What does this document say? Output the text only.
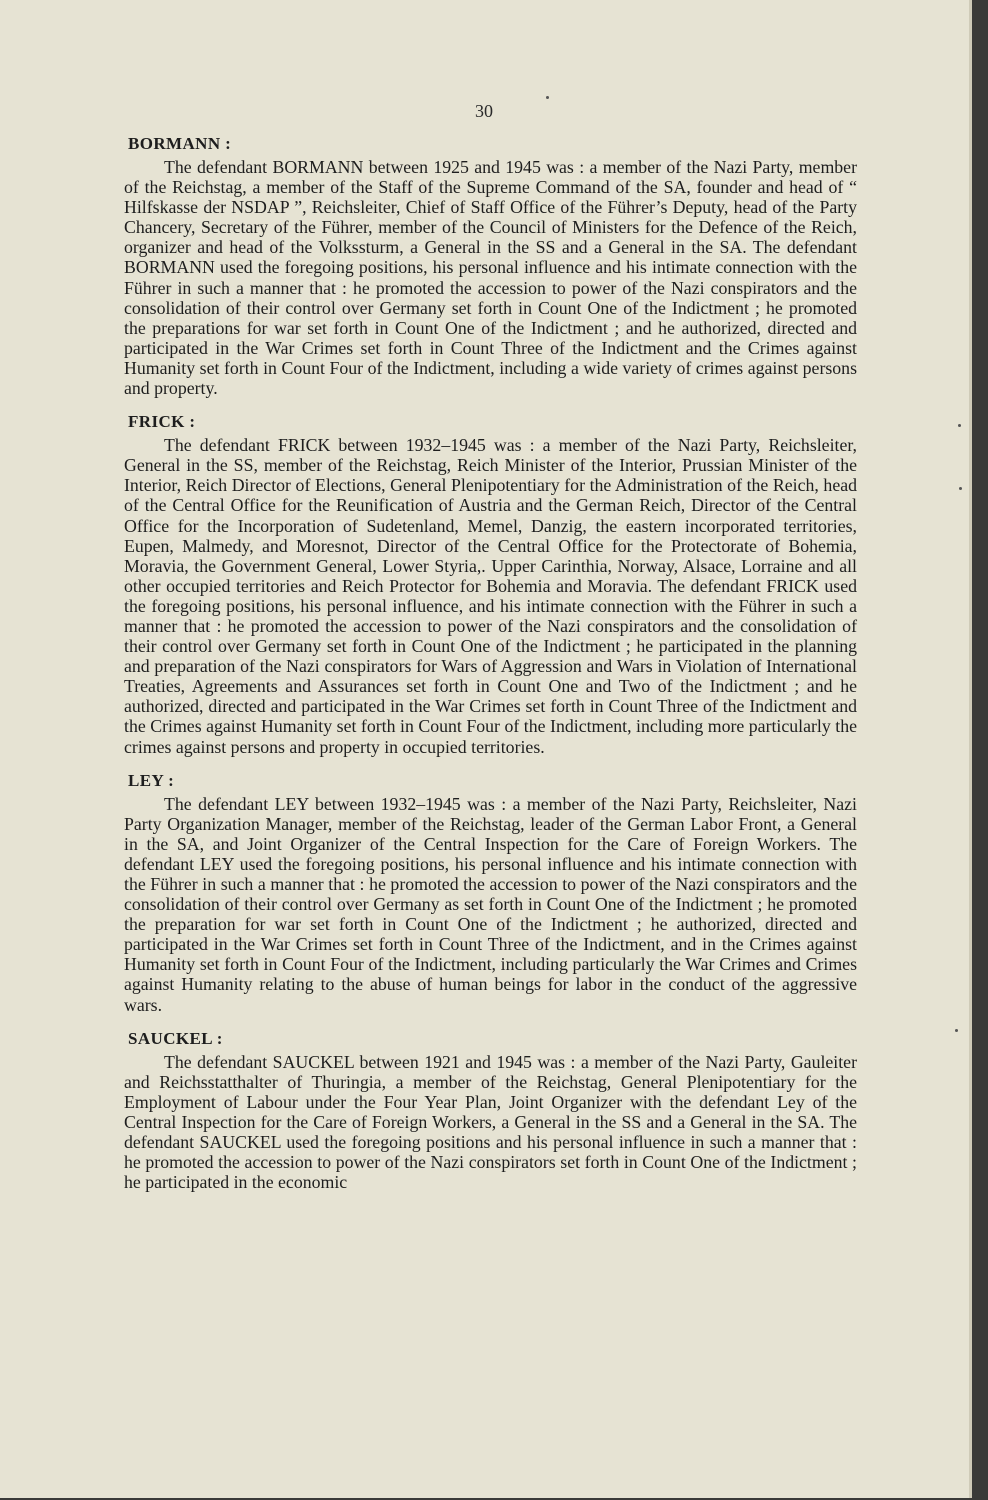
30
BORMANN :

The defendant BORMANN between 1925 and 1945 was : a member of the Nazi Party, member of the Reichstag, a member of the Staff of the Supreme Command of the SA, founder and head of “ Hilfskasse der NSDAP ”, Reichsleiter, Chief of Staff Office of the Führer’s Deputy, head of the Party Chancery, Secretary of the Führer, member of the Council of Ministers for the Defence of the Reich, organizer and head of the Volkssturm, a General in the SS and a General in the SA. The defendant BORMANN used the foregoing positions, his personal influence and his intimate connection with the Führer in such a manner that : he promoted the accession to power of the Nazi conspirators and the consolidation of their control over Germany set forth in Count One of the Indictment ; he promoted the preparations for war set forth in Count One of the Indictment ; and he authorized, directed and participated in the War Crimes set forth in Count Three of the Indictment and the Crimes against Humanity set forth in Count Four of the Indictment, including a wide variety of crimes against persons and property.

FRICK :

The defendant FRICK between 1932–1945 was : a member of the Nazi Party, Reichsleiter, General in the SS, member of the Reichstag, Reich Minister of the Interior, Prussian Minister of the Interior, Reich Director of Elections, General Plenipotentiary for the Administration of the Reich, head of the Central Office for the Reunification of Austria and the German Reich, Director of the Central Office for the Incorporation of Sudetenland, Memel, Danzig, the eastern incorporated territories, Eupen, Malmedy, and Moresnot, Director of the Central Office for the Protectorate of Bohemia, Moravia, the Government General, Lower Styria,. Upper Carinthia, Norway, Alsace, Lorraine and all other occupied territories and Reich Protector for Bohemia and Moravia. The defendant FRICK used the foregoing positions, his personal influence, and his intimate connection with the Führer in such a manner that : he promoted the accession to power of the Nazi conspirators and the consolidation of their control over Germany set forth in Count One of the Indictment ; he participated in the planning and preparation of the Nazi conspirators for Wars of Aggression and Wars in Violation of International Treaties, Agreements and Assurances set forth in Count One and Two of the Indictment ; and he authorized, directed and participated in the War Crimes set forth in Count Three of the Indictment and the Crimes against Humanity set forth in Count Four of the Indictment, including more particularly the crimes against persons and property in occupied territories.

LEY :

The defendant LEY between 1932–1945 was : a member of the Nazi Party, Reichsleiter, Nazi Party Organization Manager, member of the Reichstag, leader of the German Labor Front, a General in the SA, and Joint Organizer of the Central Inspection for the Care of Foreign Workers. The defendant LEY used the foregoing positions, his personal influence and his intimate connection with the Führer in such a manner that : he promoted the accession to power of the Nazi conspirators and the consolidation of their control over Germany as set forth in Count One of the Indictment ; he promoted the preparation for war set forth in Count One of the Indictment ; he authorized, directed and participated in the War Crimes set forth in Count Three of the Indictment, and in the Crimes against Humanity set forth in Count Four of the Indictment, including particularly the War Crimes and Crimes against Humanity relating to the abuse of human beings for labor in the conduct of the aggressive wars.

SAUCKEL :

The defendant SAUCKEL between 1921 and 1945 was : a member of the Nazi Party, Gauleiter and Reichsstatthalter of Thuringia, a member of the Reichstag, General Plenipotentiary for the Employment of Labour under the Four Year Plan, Joint Organizer with the defendant Ley of the Central Inspection for the Care of Foreign Workers, a General in the SS and a General in the SA. The defendant SAUCKEL used the foregoing positions and his personal influence in such a manner that : he promoted the accession to power of the Nazi conspirators set forth in Count One of the Indictment ; he participated in the economic
